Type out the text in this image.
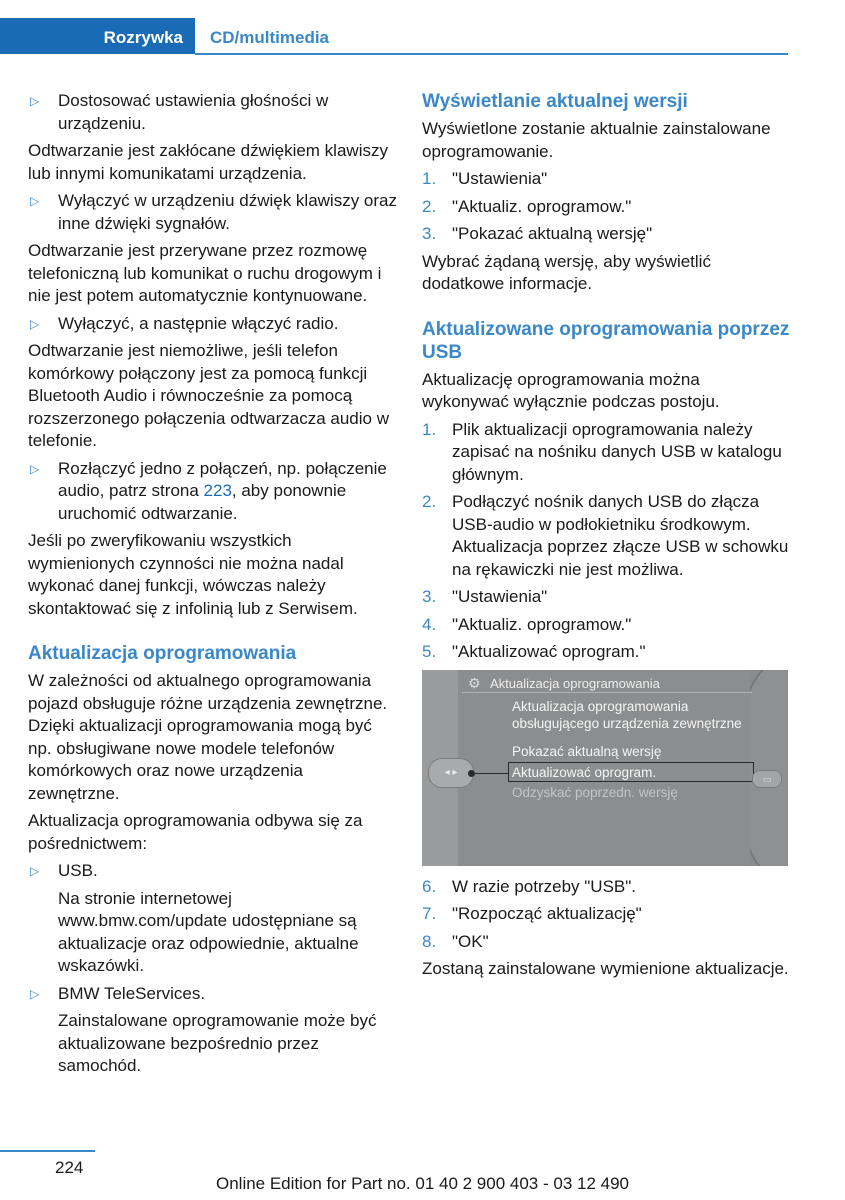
Rozrywka	CD/multimedia
▷ Dostosować ustawienia głośności w urządzeniu.

Odtwarzanie jest zakłócane dźwiękiem klawiszy lub innymi komunikatami urządzenia.

▷ Wyłączyć w urządzeniu dźwięk klawiszy oraz inne dźwięki sygnałów.

Odtwarzanie jest przerywane przez rozmowę telefoniczną lub komunikat o ruchu drogowym i nie jest potem automatycznie kontynuowane.

▷ Wyłączyć, a następnie włączyć radio.

Odtwarzanie jest niemożliwe, jeśli telefon komórkowy połączony jest za pomocą funkcji Bluetooth Audio i równocześnie za pomocą rozszerzonego połączenia odtwarzacza audio w telefonie.

▷ Rozłączyć jedno z połączeń, np. połączenie audio, patrz strona 223, aby ponownie uruchomić odtwarzanie.

Jeśli po zweryfikowaniu wszystkich wymienionych czynności nie można nadal wykonać danej funkcji, wówczas należy skontaktować się z infolinią lub z Serwisem.

Aktualizacja oprogramowania

W zależności od aktualnego oprogramowania pojazd obsługuje różne urządzenia zewnętrzne. Dzięki aktualizacji oprogramowania mogą być np. obsługiwane nowe modele telefonów komórkowych oraz nowe urządzenia zewnętrzne.

Aktualizacja oprogramowania odbywa się za pośrednictwem:

▷ USB.
Na stronie internetowej www.bmw.com/update udostępniane są aktualizacje oraz odpowiednie, aktualne wskazówki.
▷ BMW TeleServices.
Zainstalowane oprogramowanie może być aktualizowane bezpośrednio przez samochód.
Wyświetlanie aktualnej wersji

Wyświetlone zostanie aktualnie zainstalowane oprogramowanie.

1. "Ustawienia"
2. "Aktualiz. oprogramow."
3. "Pokazać aktualną wersję"

Wybrać żądaną wersję, aby wyświetlić dodatkowe informacje.

Aktualizowane oprogramowania poprzez USB

Aktualizację oprogramowania można wykonywać wyłącznie podczas postoju.

1. Plik aktualizacji oprogramowania należy zapisać na nośniku danych USB w katalogu głównym.
2. Podłączyć nośnik danych USB do złącza USB-audio w podłokietniku środkowym. Aktualizacja poprzez złącze USB w schowku na rękawiczki nie jest możliwa.
3. "Ustawienia"
4. "Aktualiz. oprogramow."
5. "Aktualizować oprogram."
⚙ Aktualizacja oprogramowania
Aktualizacja oprogramowania
obsługującego urządzenia zewnętrzne
Pokazać aktualną wersję
Aktualizować oprogram.
Odzyskać poprzedn. wersję
◂ ▸
▭
6. W razie potrzeby "USB".
7. "Rozpocząć aktualizację"
8. "OK"

Zostaną zainstalowane wymienione aktualizacje.

224
Online Edition for Part no. 01 40 2 900 403 - 03 12 490
